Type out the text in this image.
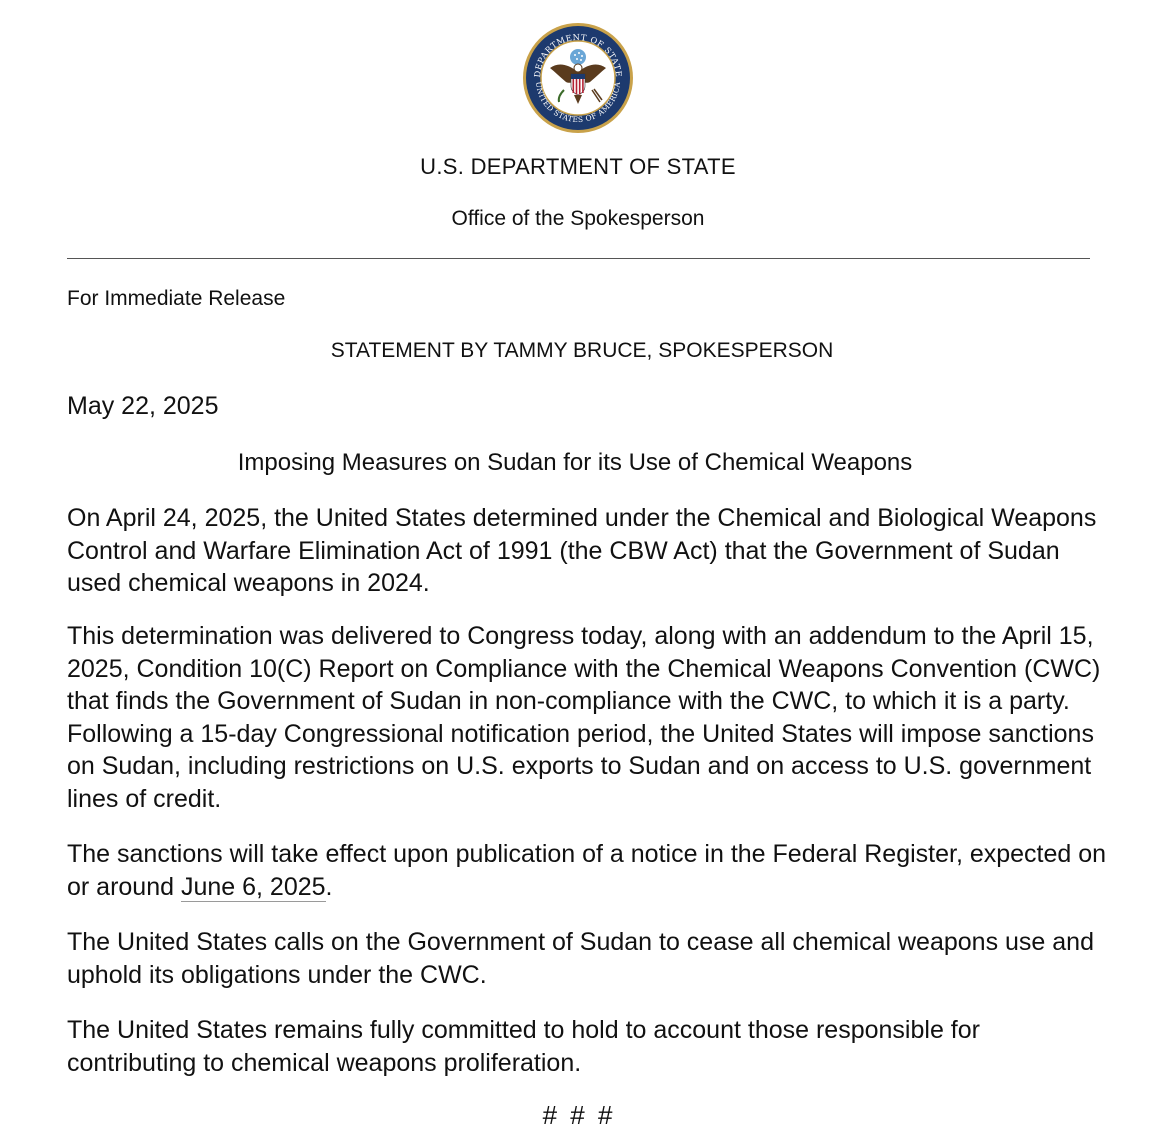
DEPARTMENT OF STATE
UNITED STATES OF AMERICA
U.S. DEPARTMENT OF STATE
Office of the Spokesperson
For Immediate Release
STATEMENT BY TAMMY BRUCE, SPOKESPERSON
May 22, 2025
Imposing Measures on Sudan for its Use of Chemical Weapons

On April 24, 2025, the United States determined under the Chemical and Biological Weapons Control and Warfare Elimination Act of 1991 (the CBW Act) that the Government of Sudan used chemical weapons in 2024.

This determination was delivered to Congress today, along with an addendum to the April 15, 2025, Condition 10(C) Report on Compliance with the Chemical Weapons Convention (CWC) that finds the Government of Sudan in non-compliance with the CWC, to which it is a party. Following a 15-day Congressional notification period, the United States will impose sanctions on Sudan, including restrictions on U.S. exports to Sudan and on access to U.S. government lines of credit.

The sanctions will take effect upon publication of a notice in the Federal Register, expected on or around June 6, 2025.

The United States calls on the Government of Sudan to cease all chemical weapons use and uphold its obligations under the CWC.

The United States remains fully committed to hold to account those responsible for contributing to chemical weapons proliferation.

# # #
